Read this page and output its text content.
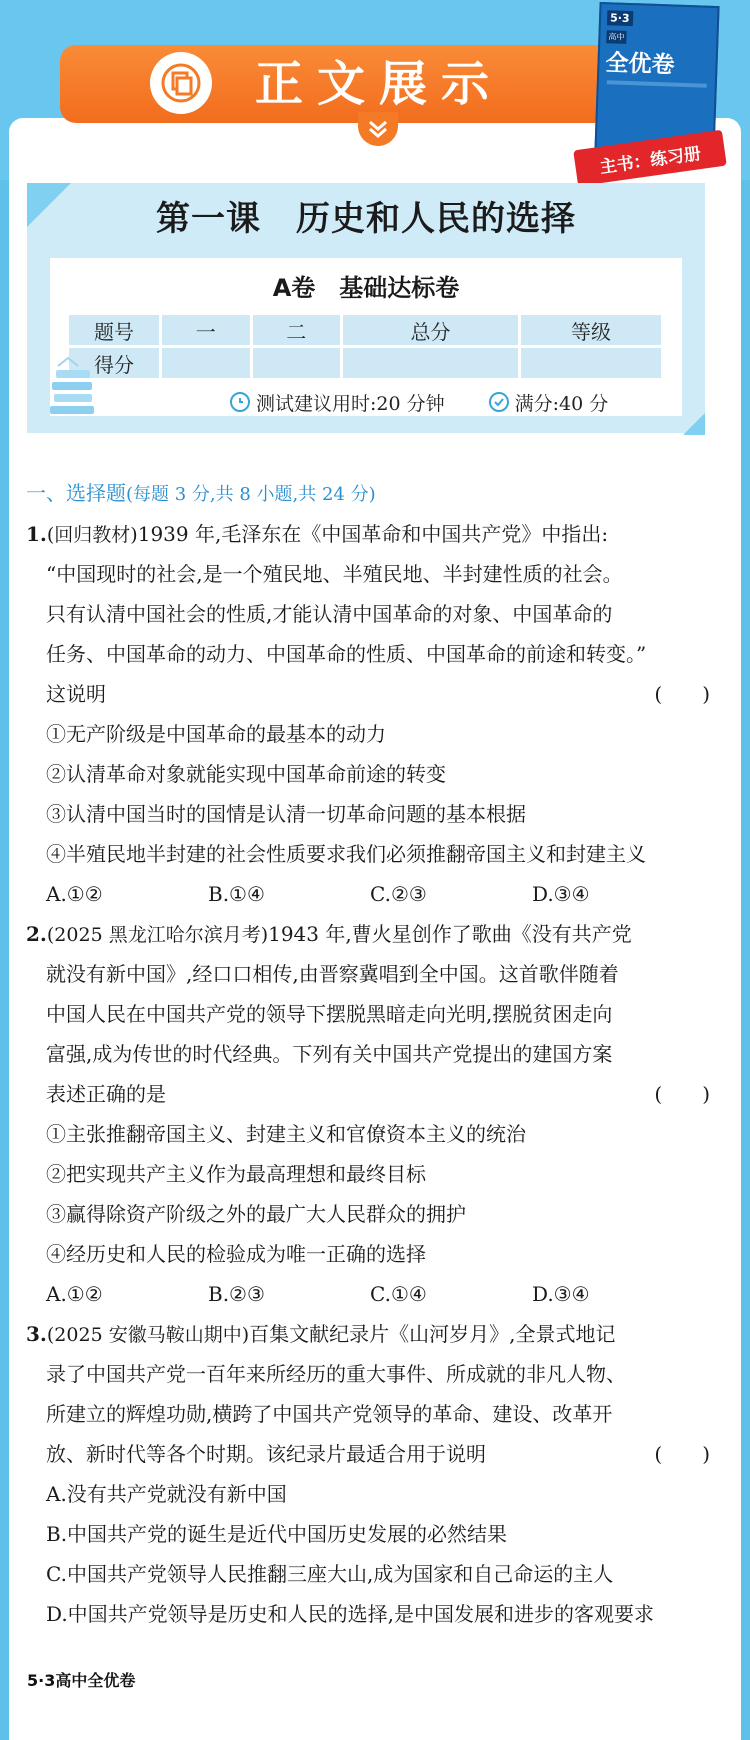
正文展示
5·3
高中
全优卷
主书：练习册
第一课　历史和人民的选择
A卷　基础达标卷
题号	一	二	总分	等级
得分				
测试建议用时:20 分钟	满分:40 分
一、选择题(每题 3 分,共 8 小题,共 24 分)
1.(回归教材)1939 年,毛泽东在《中国革命和中国共产党》中指出:
“中国现时的社会,是一个殖民地、半殖民地、半封建性质的社会。
只有认清中国社会的性质,才能认清中国革命的对象、中国革命的
任务、中国革命的动力、中国革命的性质、中国革命的前途和转变。”
这说明	(　　)
①无产阶级是中国革命的最基本的动力
②认清革命对象就能实现中国革命前途的转变
③认清中国当时的国情是认清一切革命问题的基本根据
④半殖民地半封建的社会性质要求我们必须推翻帝国主义和封建主义
A.①②	B.①④	C.②③	D.③④
2.(2025 黑龙江哈尔滨月考)1943 年,曹火星创作了歌曲《没有共产党
就没有新中国》,经口口相传,由晋察冀唱到全中国。这首歌伴随着
中国人民在中国共产党的领导下摆脱黑暗走向光明,摆脱贫困走向
富强,成为传世的时代经典。下列有关中国共产党提出的建国方案
表述正确的是	(　　)
①主张推翻帝国主义、封建主义和官僚资本主义的统治
②把实现共产主义作为最高理想和最终目标
③赢得除资产阶级之外的最广大人民群众的拥护
④经历史和人民的检验成为唯一正确的选择
A.①②	B.②③	C.①④	D.③④
3.(2025 安徽马鞍山期中)百集文献纪录片《山河岁月》,全景式地记
录了中国共产党一百年来所经历的重大事件、所成就的非凡人物、
所建立的辉煌功勋,横跨了中国共产党领导的革命、建设、改革开
放、新时代等各个时期。该纪录片最适合用于说明	(　　)
A.没有共产党就没有新中国
B.中国共产党的诞生是近代中国历史发展的必然结果
C.中国共产党领导人民推翻三座大山,成为国家和自己命运的主人
D.中国共产党领导是历史和人民的选择,是中国发展和进步的客观要求
5·3高中全优卷
